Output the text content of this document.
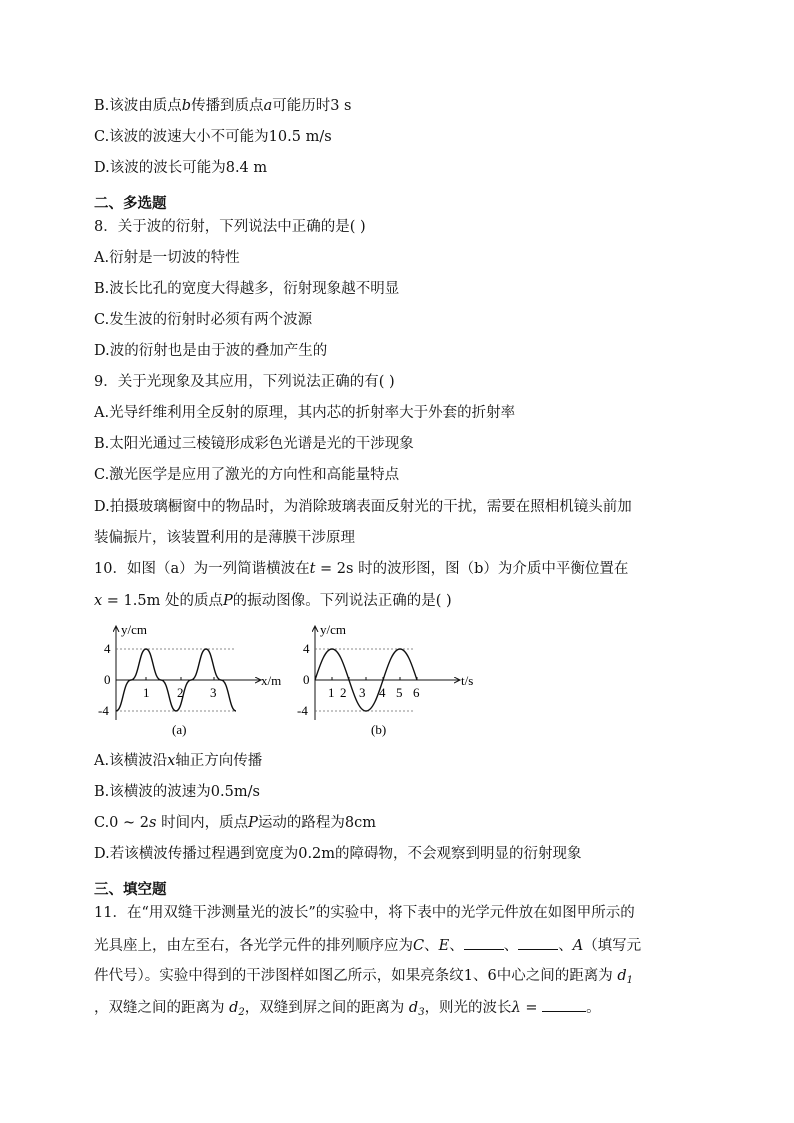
B.该波由质点b传播到质点a可能历时3 s
C.该波的波速大小不可能为10.5 m/s
D.该波的波长可能为8.4 m
二、多选题
8．关于波的衍射，下列说法中正确的是( )
A.衍射是一切波的特性
B.波长比孔的宽度大得越多，衍射现象越不明显
C.发生波的衍射时必须有两个波源
D.波的衍射也是由于波的叠加产生的
9．关于光现象及其应用，下列说法正确的有( )
A.光导纤维利用全反射的原理，其内芯的折射率大于外套的折射率
B.太阳光通过三棱镜形成彩色光谱是光的干涉现象
C.激光医学是应用了激光的方向性和高能量特点
D.拍摄玻璃橱窗中的物品时，为消除玻璃表面反射光的干扰，需要在照相机镜头前加
装偏振片，该装置利用的是薄膜干涉原理
10．如图（a）为一列简谐横波在t = 2s 时的波形图，图（b）为介质中平衡位置在
x = 1.5m 处的质点P的振动图像。下列说法正确的是( )
y/cm
x/m
4
0
-4
1 2 3
(a)
y/cm
t/s
4
0
-4
1 2 3 4 5 6
(b)
A.该横波沿x轴正方向传播
B.该横波的波速为0.5m/s
C.0 ~ 2s 时间内，质点P运动的路程为8cm
D.若该横波传播过程遇到宽度为0.2m的障碍物，不会观察到明显的衍射现象
三、填空题
11．在“用双缝干涉测量光的波长”的实验中，将下表中的光学元件放在如图甲所示的
光具座上，由左至右，各光学元件的排列顺序应为C、E、	、	、A（填写元
件代号）。实验中得到的干涉图样如图乙所示，如果亮条纹1、6中心之间的距离为 $d_1$
，双缝之间的距离为 $d_2$，双缝到屏之间的距离为 $d_3$，则光的波长λ =	。
